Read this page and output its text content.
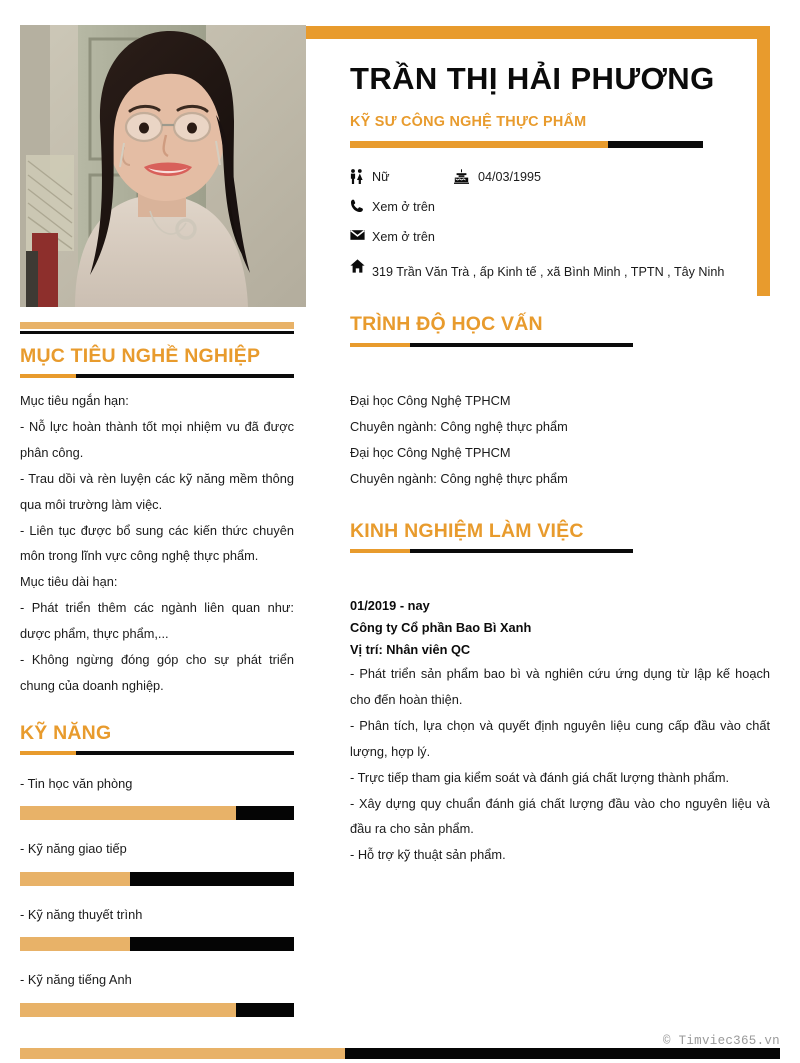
MỤC TIÊU NGHỀ NGHIỆP

Mục tiêu ngắn hạn:

- Nỗ lực hoàn thành tốt mọi nhiệm vu đã được phân công.

- Trau dồi và rèn luyện các kỹ năng mềm thông qua môi trường làm việc.

- Liên tục được bổ sung các kiến thức chuyên môn trong lĩnh vực công nghệ thực phẩm.

Mục tiêu dài hạn:

- Phát triển thêm các ngành liên quan như: dược phẩm, thực phẩm,...

- Không ngừng đóng góp cho sự phát triển chung của doanh nghiệp.

KỸ NĂNG
- Tin học văn phòng
- Kỹ năng giao tiếp
- Kỹ năng thuyết trình
- Kỹ năng tiếng Anh
TRẦN THỊ HẢI PHƯƠNG
KỸ SƯ CÔNG NGHỆ THỰC PHẨM
Nữ	04/03/1995
Xem ở trên
Xem ở trên
319 Trần Văn Trà , ấp Kinh tế , xã Bình Minh , TPTN , Tây Ninh
TRÌNH ĐỘ HỌC VẤN
Đại học Công Nghệ TPHCM
Chuyên ngành: Công nghệ thực phẩm
Đại học Công Nghệ TPHCM
Chuyên ngành: Công nghệ thực phẩm
KINH NGHIỆM LÀM VIỆC
01/2019 - nay
Công ty Cổ phần Bao Bì Xanh
Vị trí: Nhân viên QC
- Phát triển sản phẩm bao bì và nghiên cứu ứng dụng từ lập kế hoạch cho đến hoàn thiện.
- Phân tích, lựa chọn và quyết định nguyên liệu cung cấp đầu vào chất lượng, hợp lý.
- Trực tiếp tham gia kiểm soát và đánh giá chất lượng thành phẩm.
- Xây dựng quy chuẩn đánh giá chất lượng đầu vào cho nguyên liệu và đầu ra cho sản phẩm.
- Hỗ trợ kỹ thuật sản phẩm.
© Timviec365.vn
